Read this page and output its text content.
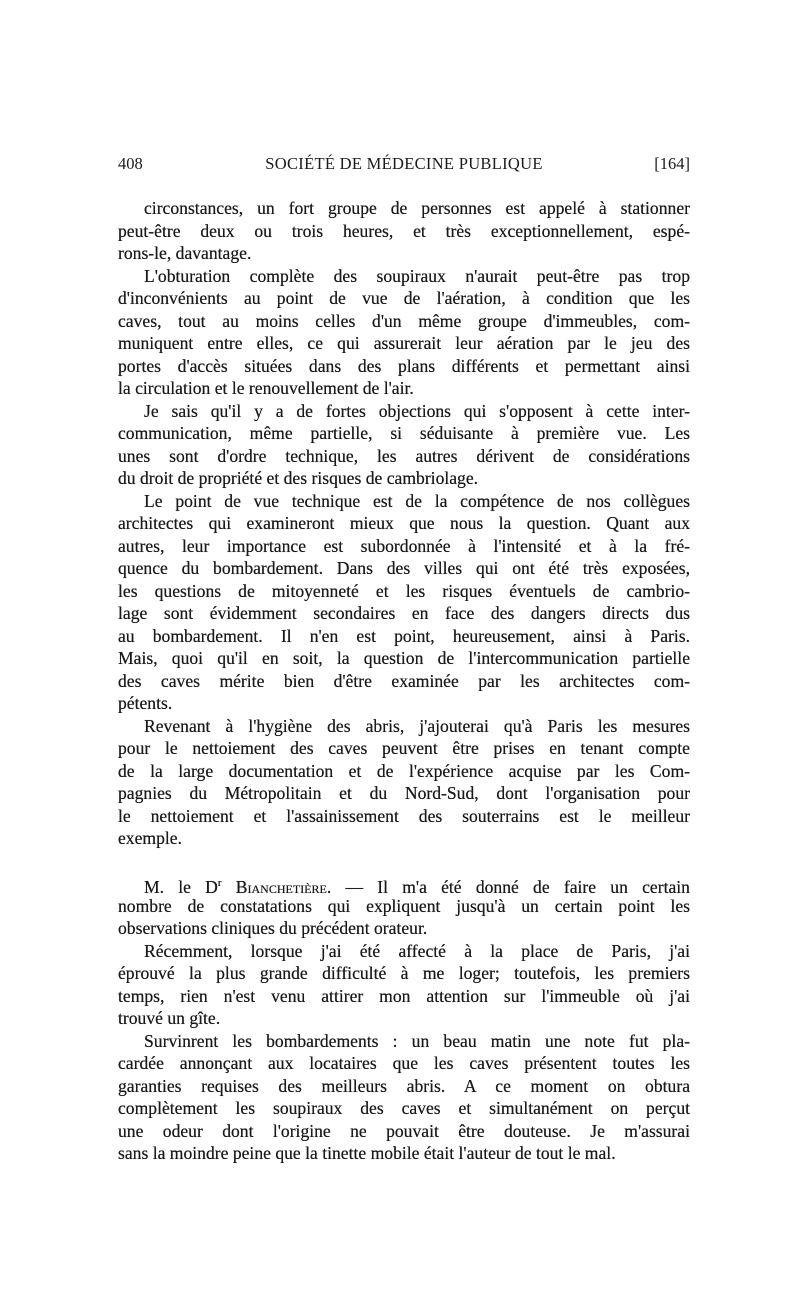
408	SOCIÉTÉ DE MÉDECINE PUBLIQUE	[164]
circonstances, un fort groupe de personnes est appelé à stationner
peut-être deux ou trois heures, et très exceptionnellement, espé-
rons-le, davantage.
L'obturation complète des soupiraux n'aurait peut-être pas trop
d'inconvénients au point de vue de l'aération, à condition que les
caves, tout au moins celles d'un même groupe d'immeubles, com-
muniquent entre elles, ce qui assurerait leur aération par le jeu des
portes d'accès situées dans des plans différents et permettant ainsi
la circulation et le renouvellement de l'air.
Je sais qu'il y a de fortes objections qui s'opposent à cette inter-
communication, même partielle, si séduisante à première vue. Les
unes sont d'ordre technique, les autres dérivent de considérations
du droit de propriété et des risques de cambriolage.
Le point de vue technique est de la compétence de nos collègues
architectes qui examineront mieux que nous la question. Quant aux
autres, leur importance est subordonnée à l'intensité et à la fré-
quence du bombardement. Dans des villes qui ont été très exposées,
les questions de mitoyenneté et les risques éventuels de cambrio-
lage sont évidemment secondaires en face des dangers directs dus
au bombardement. Il n'en est point, heureusement, ainsi à Paris.
Mais, quoi qu'il en soit, la question de l'intercommunication partielle
des caves mérite bien d'être examinée par les architectes com-
pétents.
Revenant à l'hygiène des abris, j'ajouterai qu'à Paris les mesures
pour le nettoiement des caves peuvent être prises en tenant compte
de la large documentation et de l'expérience acquise par les Com-
pagnies du Métropolitain et du Nord-Sud, dont l'organisation pour
le nettoiement et l'assainissement des souterrains est le meilleur
exemple.
M. le $D^r$ Bianchetière. — Il m'a été donné de faire un certain
nombre de constatations qui expliquent jusqu'à un certain point les
observations cliniques du précédent orateur.
Récemment, lorsque j'ai été affecté à la place de Paris, j'ai
éprouvé la plus grande difficulté à me loger; toutefois, les premiers
temps, rien n'est venu attirer mon attention sur l'immeuble où j'ai
trouvé un gîte.
Survinrent les bombardements : un beau matin une note fut pla-
cardée annonçant aux locataires que les caves présentent toutes les
garanties requises des meilleurs abris. A ce moment on obtura
complètement les soupiraux des caves et simultanément on perçut
une odeur dont l'origine ne pouvait être douteuse. Je m'assurai
sans la moindre peine que la tinette mobile était l'auteur de tout le mal.
